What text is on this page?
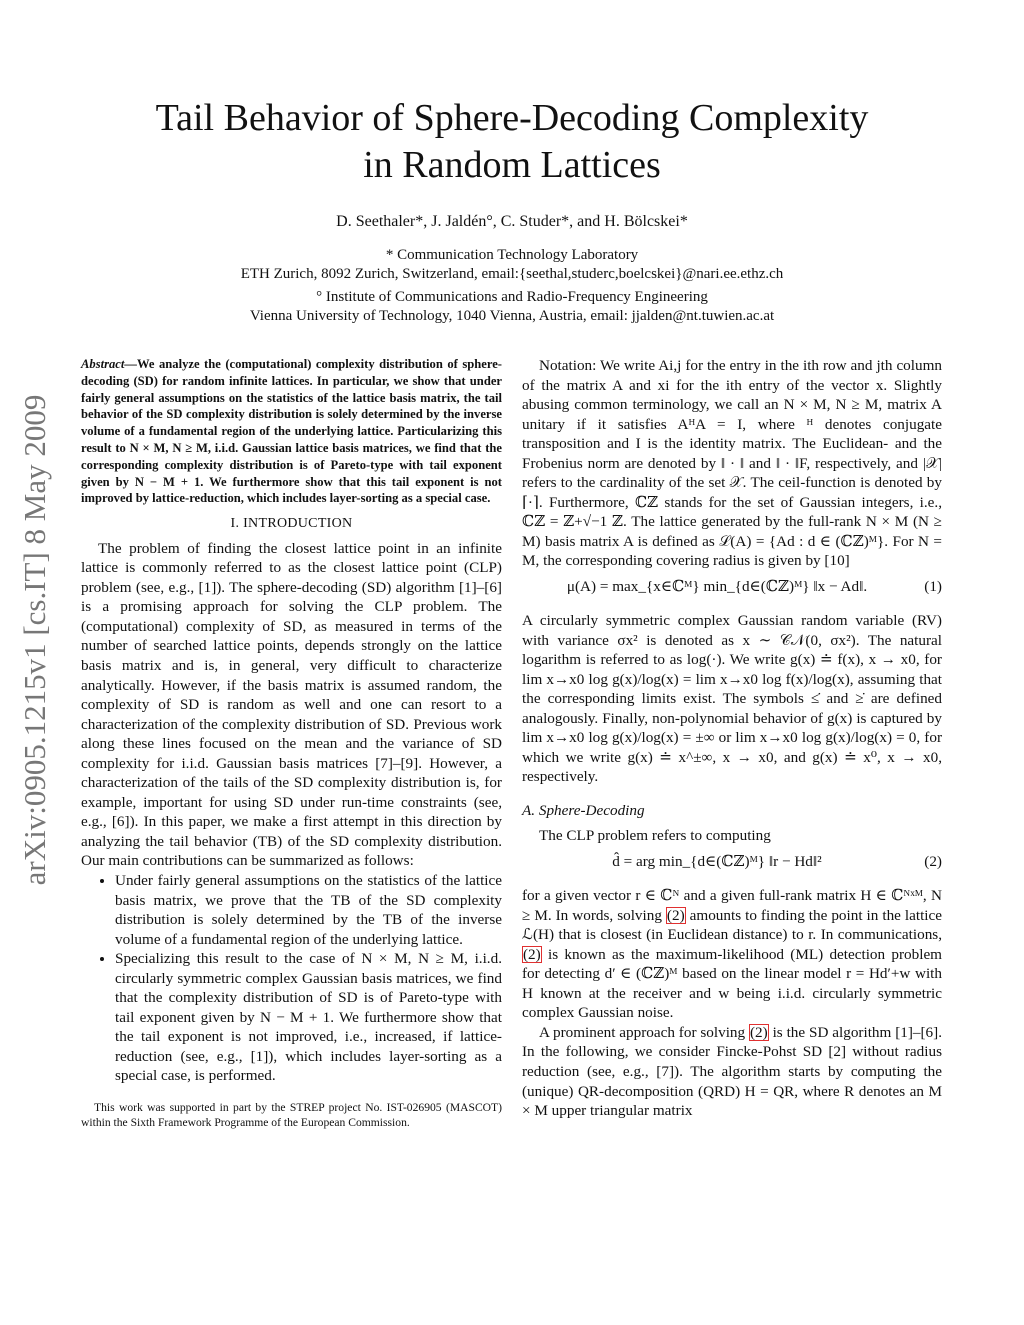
Tail Behavior of Sphere-Decoding Complexity
in Random Lattices
D. Seethaler*, J. Jaldén°, C. Studer*, and H. Bölcskei*
* Communication Technology Laboratory
ETH Zurich, 8092 Zurich, Switzerland, email:{seethal,studerc,boelcskei}@nari.ee.ethz.ch
° Institute of Communications and Radio-Frequency Engineering
Vienna University of Technology, 1040 Vienna, Austria, email: jjalden@nt.tuwien.ac.at
arXiv:0905.1215v1 [cs.IT] 8 May 2009

Abstract—We analyze the (computational) complexity distribution of sphere-decoding (SD) for random infinite lattices. In particular, we show that under fairly general assumptions on the statistics of the lattice basis matrix, the tail behavior of the SD complexity distribution is solely determined by the inverse volume of a fundamental region of the underlying lattice. Particularizing this result to N × M, N ≥ M, i.i.d. Gaussian lattice basis matrices, we find that the corresponding complexity distribution is of Pareto-type with tail exponent given by N − M + 1. We furthermore show that this tail exponent is not improved by lattice-reduction, which includes layer-sorting as a special case.

I. INTRODUCTION

The problem of finding the closest lattice point in an infinite lattice is commonly referred to as the closest lattice point (CLP) problem (see, e.g., [1]). The sphere-decoding (SD) algorithm [1]–[6] is a promising approach for solving the CLP problem. The (computational) complexity of SD, as measured in terms of the number of searched lattice points, depends strongly on the lattice basis matrix and is, in general, very difficult to characterize analytically. However, if the basis matrix is assumed random, the complexity of SD is random as well and one can resort to a characterization of the complexity distribution of SD. Previous work along these lines focused on the mean and the variance of SD complexity for i.i.d. Gaussian basis matrices [7]–[9]. However, a characterization of the tails of the SD complexity distribution is, for example, important for using SD under run-time constraints (see, e.g., [6]). In this paper, we make a first attempt in this direction by analyzing the tail behavior (TB) of the SD complexity distribution. Our main contributions can be summarized as follows:

• Under fairly general assumptions on the statistics of the lattice basis matrix, we prove that the TB of the SD complexity distribution is solely determined by the TB of the inverse volume of a fundamental region of the underlying lattice.
• Specializing this result to the case of N × M, N ≥ M, i.i.d. circularly symmetric complex Gaussian basis matrices, we find that the complexity distribution of SD is of Pareto-type with tail exponent given by N − M + 1. We furthermore show that the tail exponent is not improved, i.e., increased, if lattice-reduction (see, e.g., [1]), which includes layer-sorting as a special case, is performed.

This work was supported in part by the STREP project No. IST-026905 (MASCOT) within the Sixth Framework Programme of the European Commission.

Notation: We write Ai,j for the entry in the ith row and jth column of the matrix A and xi for the ith entry of the vector x. Slightly abusing common terminology, we call an N × M, N ≥ M, matrix A unitary if it satisfies AᴴA = I, where ᴴ denotes conjugate transposition and I is the identity matrix. The Euclidean- and the Frobenius norm are denoted by ‖ · ‖ and ‖ · ‖F, respectively, and |𝒳| refers to the cardinality of the set 𝒳. The ceil-function is denoted by ⌈·⌉. Furthermore, ℂℤ stands for the set of Gaussian integers, i.e., ℂℤ = ℤ+√−1 ℤ. The lattice generated by the full-rank N × M (N ≥ M) basis matrix A is defined as ℒ(A) = {Ad : d ∈ (ℂℤ)ᴹ}. For N = M, the corresponding covering radius is given by [10]

μ(A) = max_{x∈ℂᴹ} min_{d∈(ℂℤ)ᴹ} ‖x − Ad‖.	(1)

A circularly symmetric complex Gaussian random variable (RV) with variance σx² is denoted as x ∼ 𝒞𝒩(0, σx²). The natural logarithm is referred to as log(·). We write g(x) ≐ f(x), x → x0, for lim x→x0 log g(x)/log(x) = lim x→x0 log f(x)/log(x), assuming that the corresponding limits exist. The symbols ≤̇ and ≥̇ are defined analogously. Finally, non-polynomial behavior of g(x) is captured by lim x→x0 log g(x)/log(x) = ±∞ or lim x→x0 log g(x)/log(x) = 0, for which we write g(x) ≐ x^±∞, x → x0, and g(x) ≐ x⁰, x → x0, respectively.

A. Sphere-Decoding

The CLP problem refers to computing

d̂ = arg min_{d∈(ℂℤ)ᴹ} ‖r − Hd‖²	(2)

for a given vector r ∈ ℂᴺ and a given full-rank matrix H ∈ ℂᴺˣᴹ, N ≥ M. In words, solving (2) amounts to finding the point in the lattice ℒ(H) that is closest (in Euclidean distance) to r. In communications, (2) is known as the maximum-likelihood (ML) detection problem for detecting d′ ∈ (ℂℤ)ᴹ based on the linear model r = Hd′+w with H known at the receiver and w being i.i.d. circularly symmetric complex Gaussian noise.

A prominent approach for solving (2) is the SD algorithm [1]–[6]. In the following, we consider Fincke-Pohst SD [2] without radius reduction (see, e.g., [7]). The algorithm starts by computing the (unique) QR-decomposition (QRD) H = QR, where R denotes an M × M upper triangular matrix
